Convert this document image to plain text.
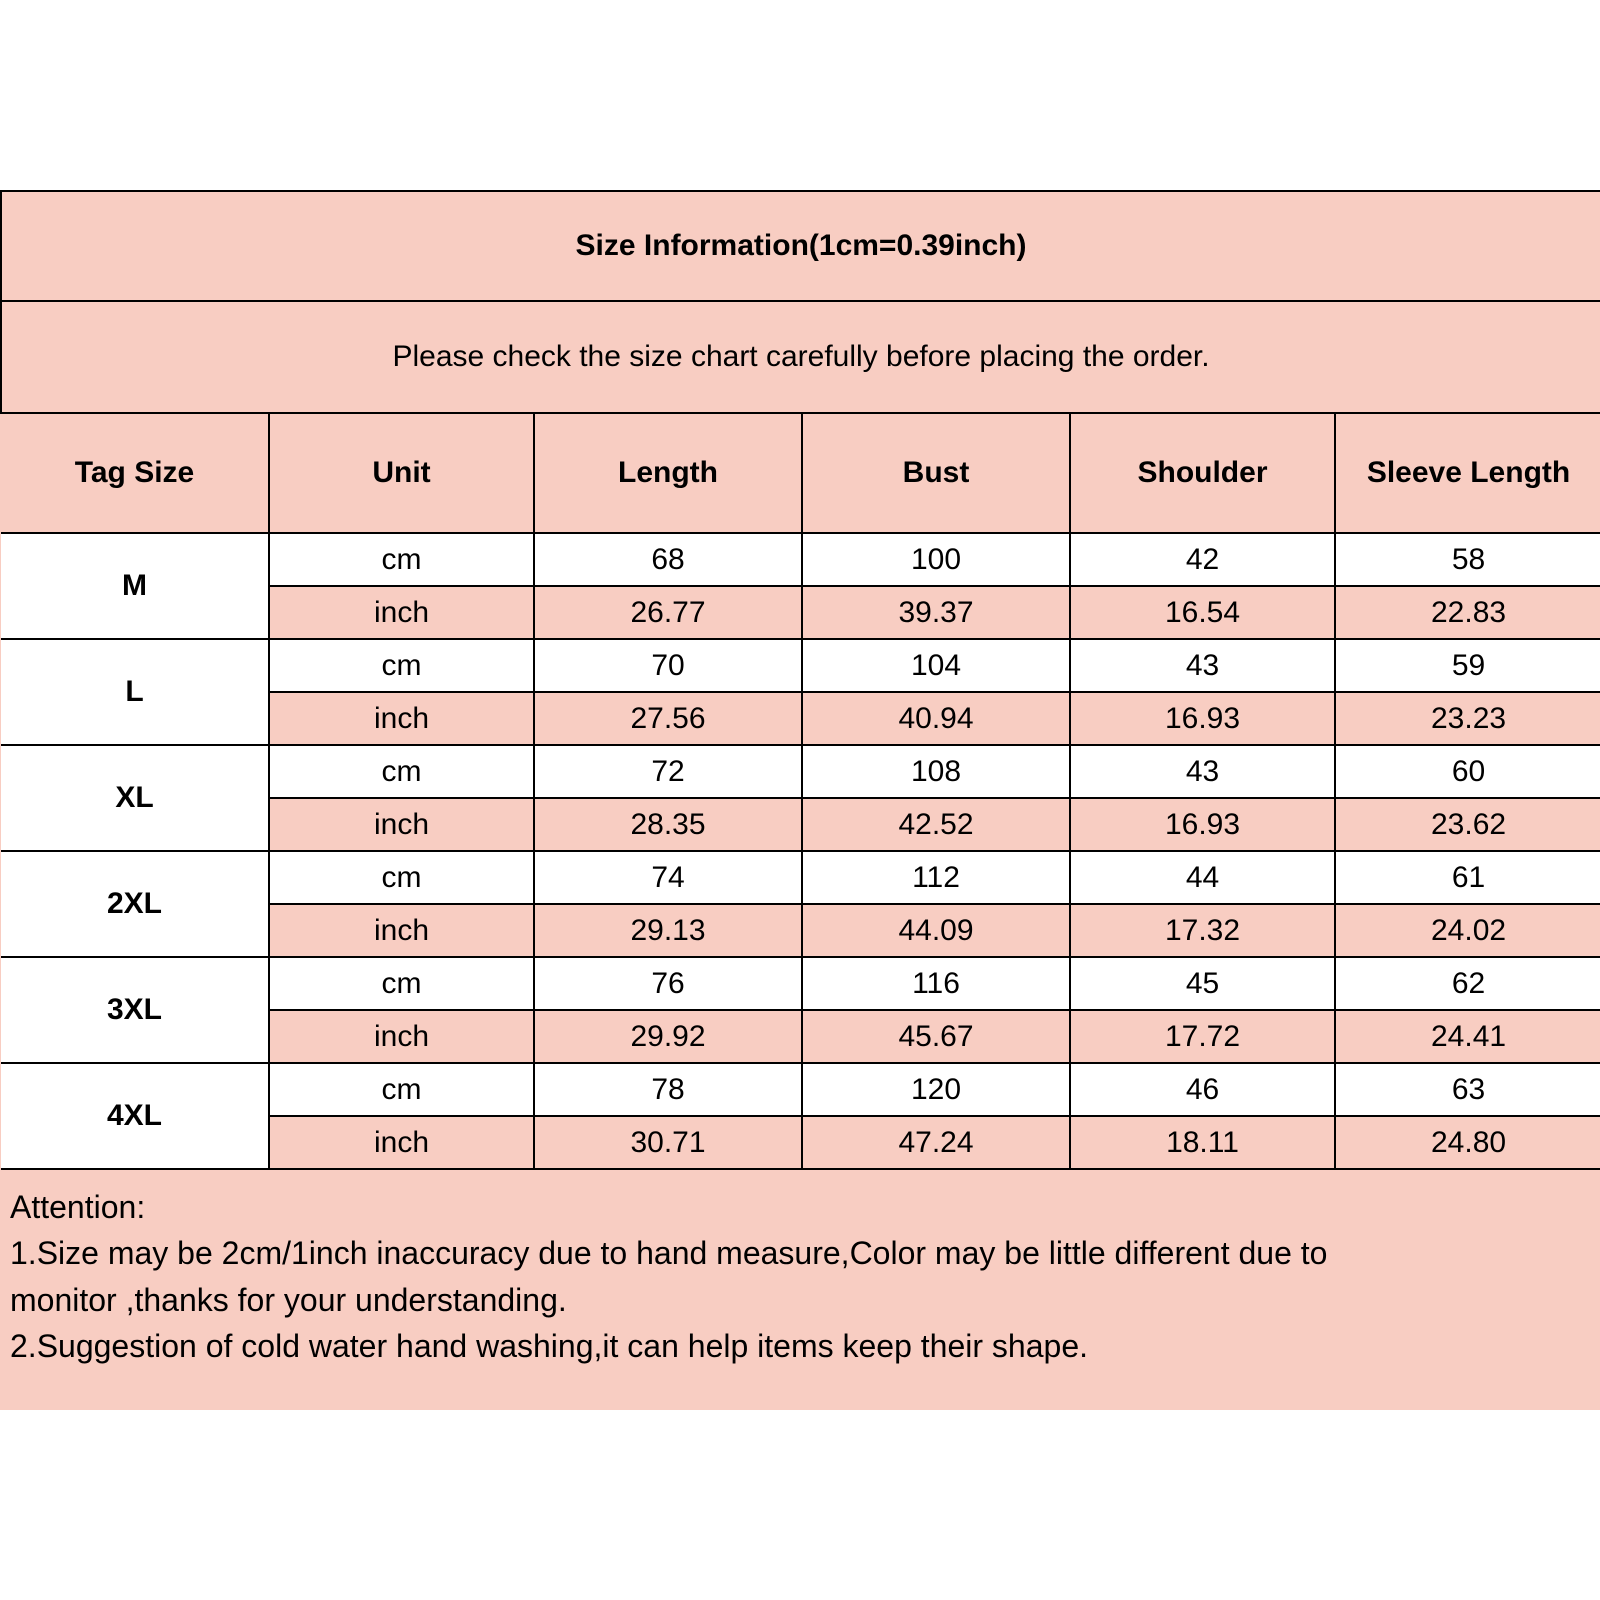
Size Information(1cm=0.39inch)					
Please check the size chart carefully before placing the order.					
Tag Size	Unit	Length	Bust	Shoulder	Sleeve Length
M	cm	68	100	42	58
	inch	26.77	39.37	16.54	22.83
L	cm	70	104	43	59
	inch	27.56	40.94	16.93	23.23
XL	cm	72	108	43	60
	inch	28.35	42.52	16.93	23.62
2XL	cm	74	112	44	61
	inch	29.13	44.09	17.32	24.02
3XL	cm	76	116	45	62
	inch	29.92	45.67	17.72	24.41
4XL	cm	78	120	46	63
	inch	30.71	47.24	18.11	24.80
Attention:
1.Size may be 2cm/1inch inaccuracy due to hand measure,Color may be little different due to
monitor ,thanks for your understanding.
2.Suggestion of cold water hand washing,it can help items keep their shape.
